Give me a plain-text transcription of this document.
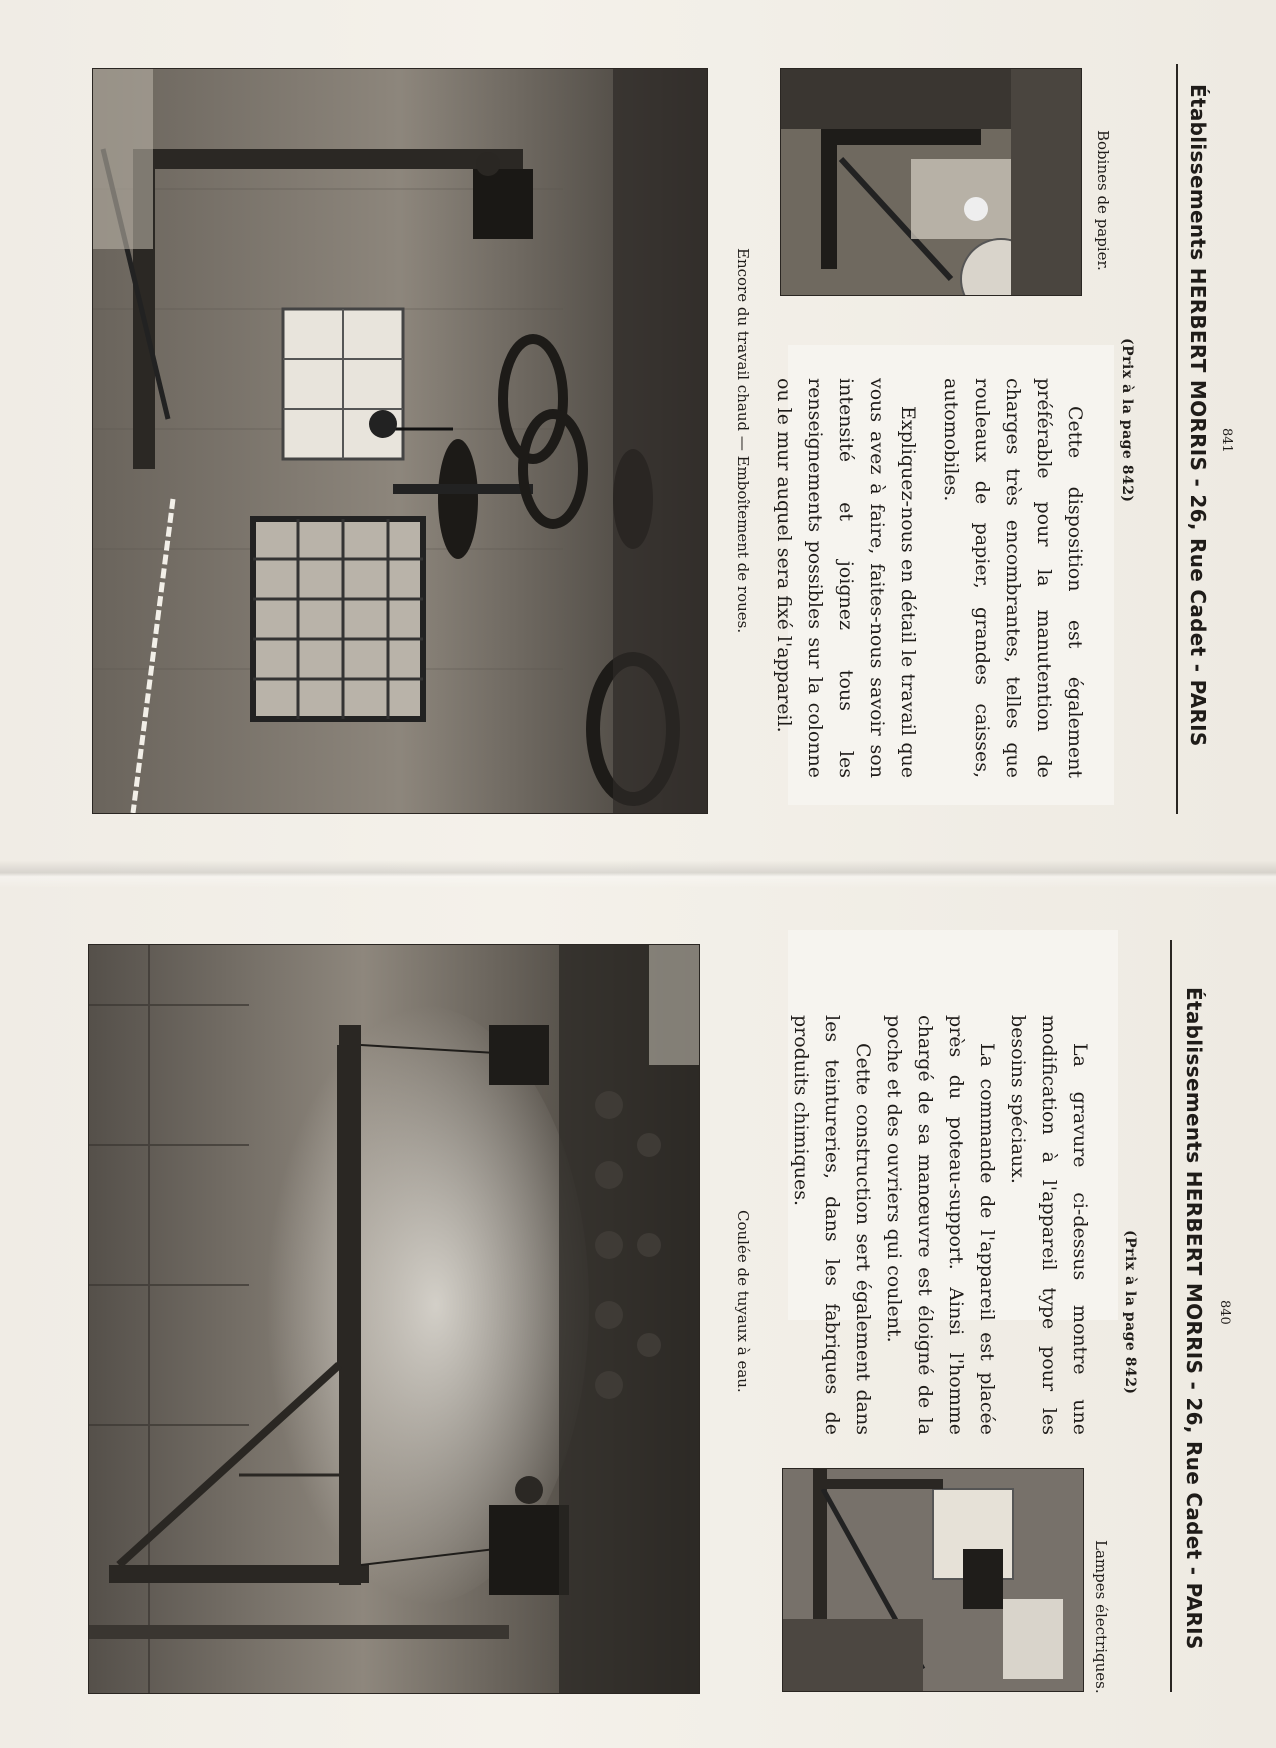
Encore du travail chaud — Emboîtement de roues.
Bobines de papier.

Cette disposition est également préférable pour la manutention de charges très encombrantes, telles que rouleaux de papier, grandes caisses, automobiles.

Expliquez-nous en détail le travail que vous avez à faire, faites-nous savoir son intensité et joignez tous les renseignements possibles sur la colonne ou le mur auquel sera fixé l'appareil.	(Prix à la page 842)	Établissements HERBERT MORRIS - 26, Rue Cadet - PARIS 841
Coulée de tuyaux à eau.	La gravure ci-dessus montre une modification à l'appareil type pour les besoins spéciaux.

La commande de l'appareil est placée près du poteau-support. Ainsi l'homme chargé de sa manœuvre est éloigné de la poche et des ouvriers qui coulent.

Cette construction sert également dans les teintureries, dans les fabriques de produits chimiques.

(Prix à la page 842)
Lampes électriques.	Établissements HERBERT MORRIS - 26, Rue Cadet - PARIS 840
